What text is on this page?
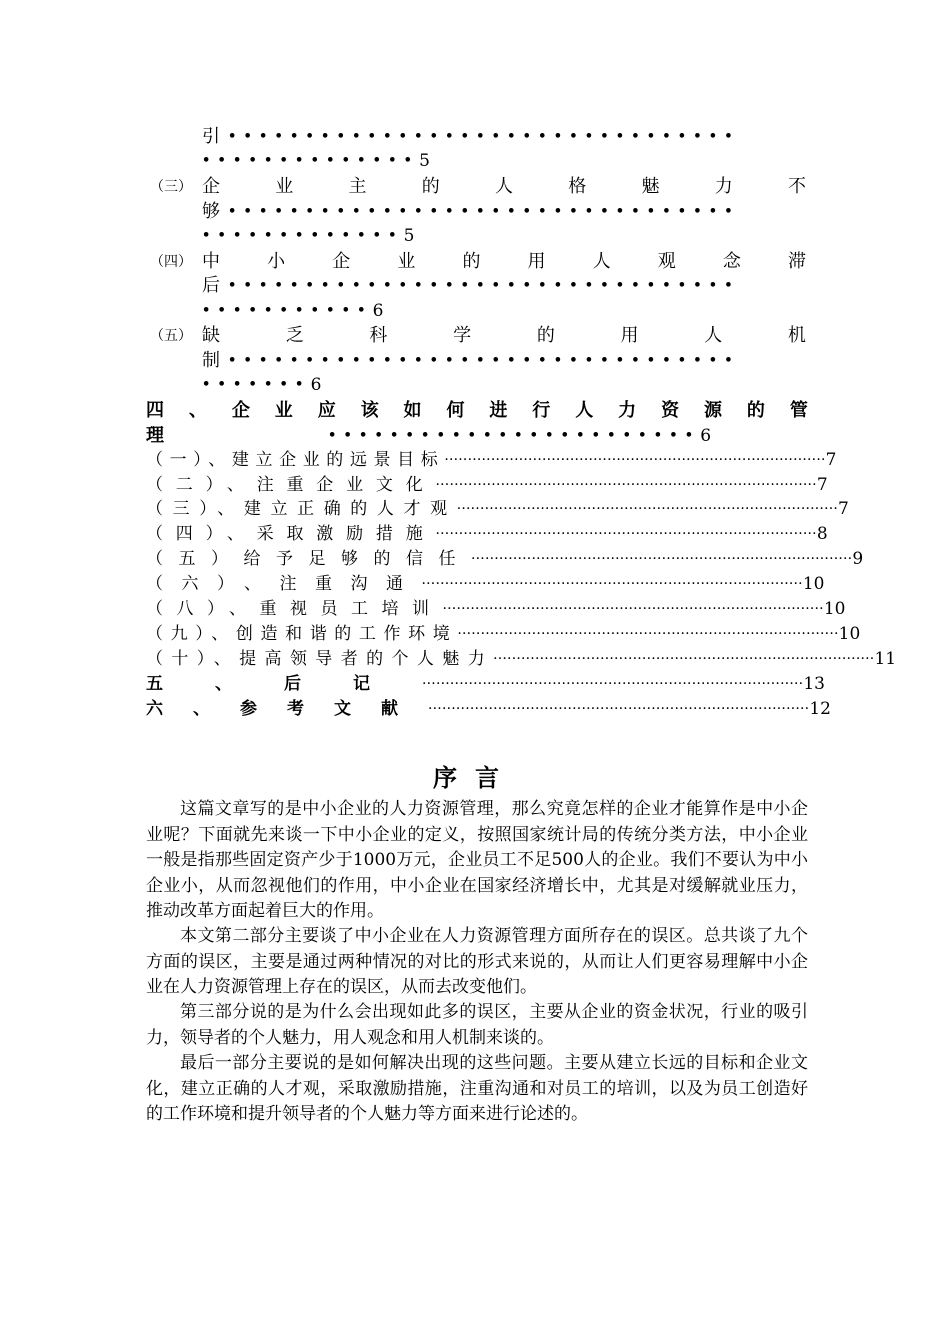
引 •••••••••••••••••••••••••••••••••
•••••••••••••• 5
（三） 企	业	主	的	人	格	魅	力	不
够 •••••••••••••••••••••••••••••••••
••••••••••••• 5
（四） 中	小	企	业	的	用	人	观	念	滞
后 •••••••••••••••••••••••••••••••••
••••••••••• 6
（五） 缺	乏	科	学	的	用	人	机
制 •••••••••••••••••••••••••••••••••
••••••• 6
四 、 企 业 应 该 如 何 进 行 人 力 资 源 的 管
理	•••••••••••••••••••••••• 6
（一）、建立企业的远景目标 ·················································································· 7
（二）、注重企业文化 ·················································································· 7
（三）、建立正确的人才观 ·················································································· 7
（四）、采取激励措施 ·················································································· 8
（五）给予足够的信任 ·················································································· 9
（六）、注重沟通 ·················································································· 10
（八）、重视员工培训 ·················································································· 10
（九）、创造和谐的工作环境 ·················································································· 10
（十）、提高领导者的个人魅力 ·················································································· 11
五、后记 ·················································································· 13
六、参考文献 ·················································································· 12
序言
这篇文章写的是中小企业的人力资源管理，那么究竟怎样的企业才能算作是中小企业呢？下面就先来谈一下中小企业的定义，按照国家统计局的传统分类方法，中小企业一般是指那些固定资产少于1000万元，企业员工不足500人的企业。我们不要认为中小企业小，从而忽视他们的作用，中小企业在国家经济增长中，尤其是对缓解就业压力，推动改革方面起着巨大的作用。
本文第二部分主要谈了中小企业在人力资源管理方面所存在的误区。总共谈了九个方面的误区，主要是通过两种情况的对比的形式来说的，从而让人们更容易理解中小企业在人力资源管理上存在的误区，从而去改变他们。
第三部分说的是为什么会出现如此多的误区，主要从企业的资金状况，行业的吸引力，领导者的个人魅力，用人观念和用人机制来谈的。
最后一部分主要说的是如何解决出现的这些问题。主要从建立长远的目标和企业文化，建立正确的人才观，采取激励措施，注重沟通和对员工的培训，以及为员工创造好的工作环境和提升领导者的个人魅力等方面来进行论述的。
